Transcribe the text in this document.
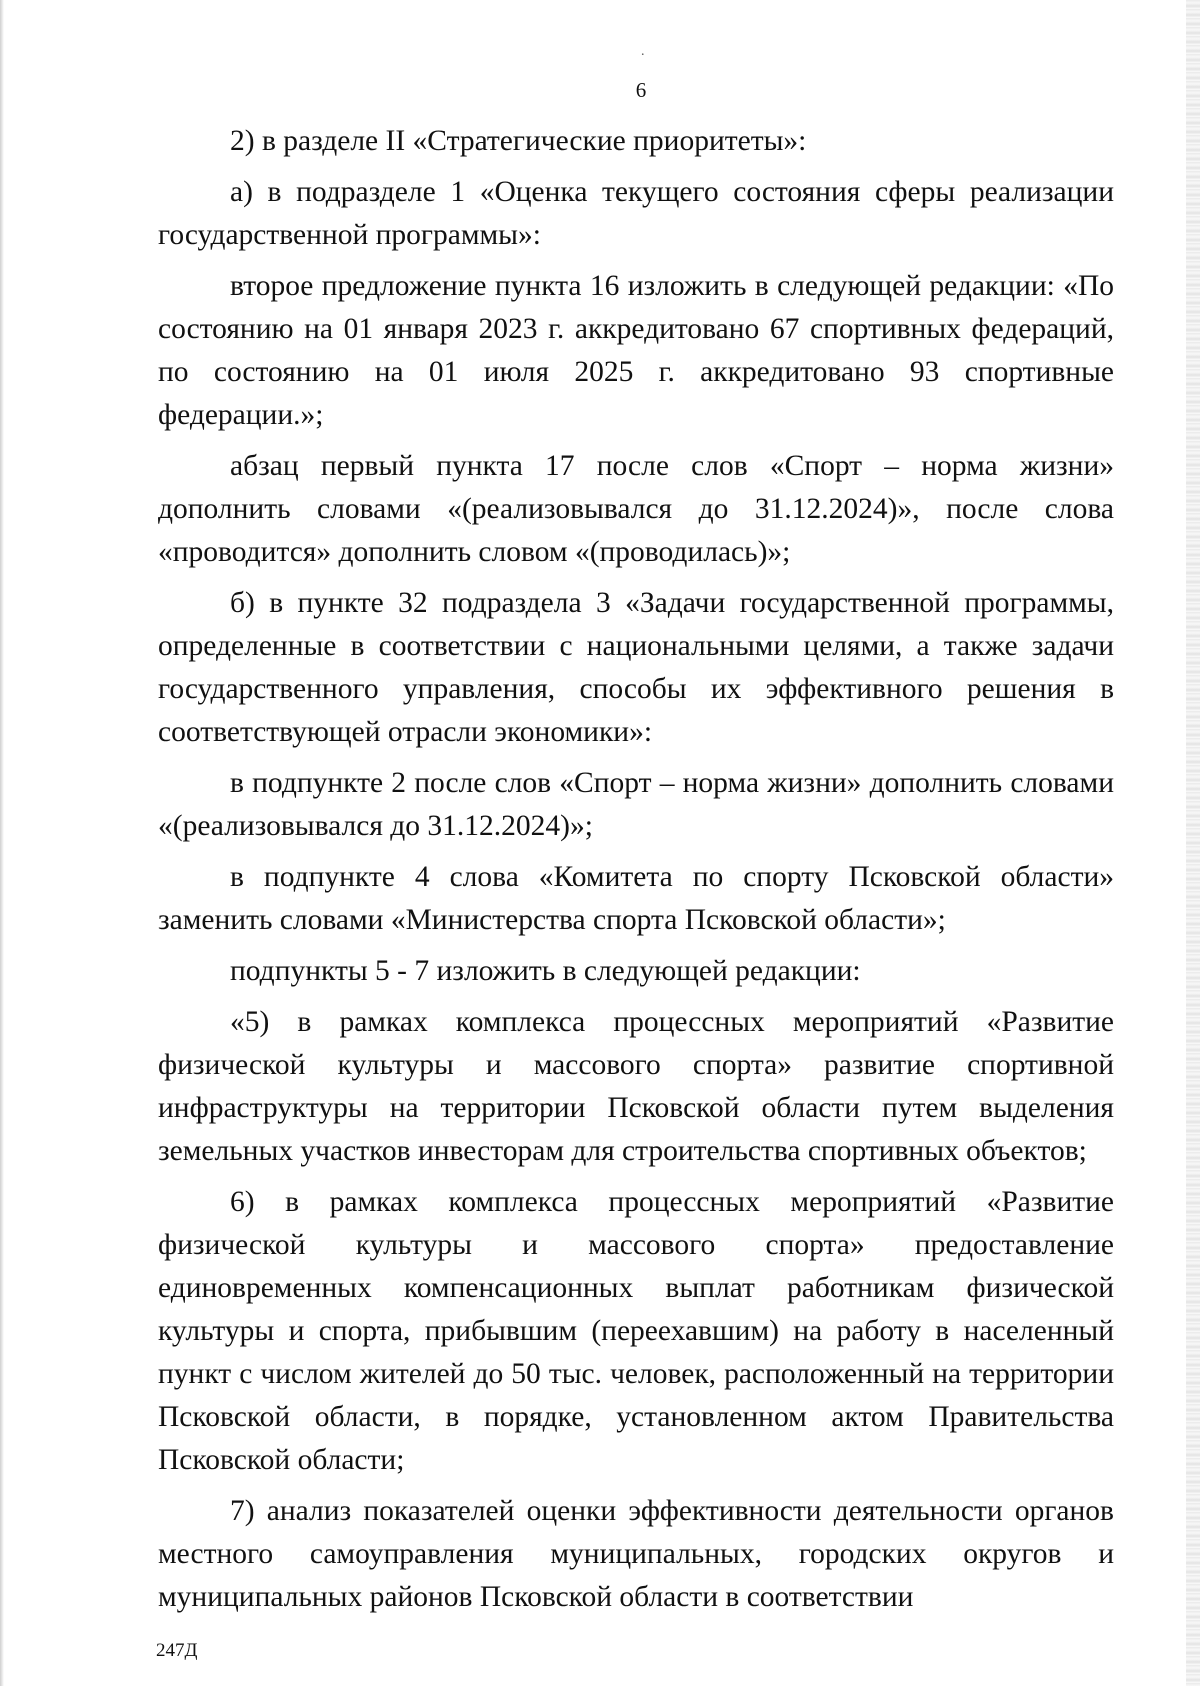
.
6

2) в разделе II «Стратегические приоритеты»:

а) в подразделе 1 «Оценка текущего состояния сферы реализации государственной программы»:

второе предложение пункта 16 изложить в следующей редакции: «По состоянию на 01 января 2023 г. аккредитовано 67 спортивных федераций, по состоянию на 01 июля 2025 г. аккредитовано 93 спортивные федерации.»;

абзац первый пункта 17 после слов «Спорт – норма жизни» дополнить словами «(реализовывался до 31.12.2024)», после слова «проводится» дополнить словом «(проводилась)»;

б) в пункте 32 подраздела 3 «Задачи государственной программы, определенные в соответствии с национальными целями, а также задачи государственного управления, способы их эффективного решения в соответствующей отрасли экономики»:

в подпункте 2 после слов «Спорт – норма жизни» дополнить словами «(реализовывался до 31.12.2024)»;

в подпункте 4 слова «Комитета по спорту Псковской области» заменить словами «Министерства спорта Псковской области»;

подпункты 5 - 7 изложить в следующей редакции:

«5) в рамках комплекса процессных мероприятий «Развитие физической культуры и массового спорта» развитие спортивной инфраструктуры на территории Псковской области путем выделения земельных участков инвесторам для строительства спортивных объектов;

6) в рамках комплекса процессных мероприятий «Развитие физической культуры и массового спорта» предоставление единовременных компенсационных выплат работникам физической культуры и спорта, прибывшим (переехавшим) на работу в населенный пункт с числом жителей до 50 тыс. человек, расположенный на территории Псковской области, в порядке, установленном актом Правительства Псковской области;

7) анализ показателей оценки эффективности деятельности органов местного самоуправления муниципальных, городских округов и муниципальных районов Псковской области в соответствии

247Д
